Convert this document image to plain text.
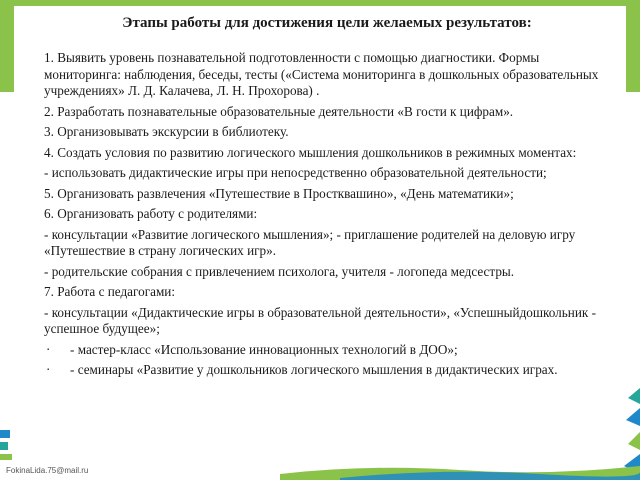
Этапы работы для достижения цели желаемых результатов:
1. Выявить уровень познавательной подготовленности с помощью диагностики. Формы мониторинга: наблюдения, беседы, тесты («Система мониторинга в дошкольных образовательных учреждениях» Л. Д. Калачева, Л. Н. Прохорова) .
2. Разработать познавательные образовательные деятельности «В гости к цифрам».
3. Организовывать экскурсии в библиотеку.
4. Создать условия по развитию логического мышления дошкольников в режимных моментах:
- использовать дидактические игры при непосредственно образовательной деятельности;
5. Организовать развлечения «Путешествие в Простквашино», «День математики»;
6. Организовать работу с родителями:
- консультации «Развитие логического мышления»; - приглашение родителей на деловую игру «Путешествие в страну логических игр».
- родительские собрания с привлечением психолога, учителя - логопеда медсестры.
7. Работа с педагогами:
- консультации «Дидактические игры в образовательной деятельности», «Успешныйдошкольник - успешное будущее»;
· - мастер-класс «Использование инновационных технологий в ДОО»;
· - семинары «Развитие у дошкольников логического мышления в дидактических играх.
FokinaLida.75@mail.ru
